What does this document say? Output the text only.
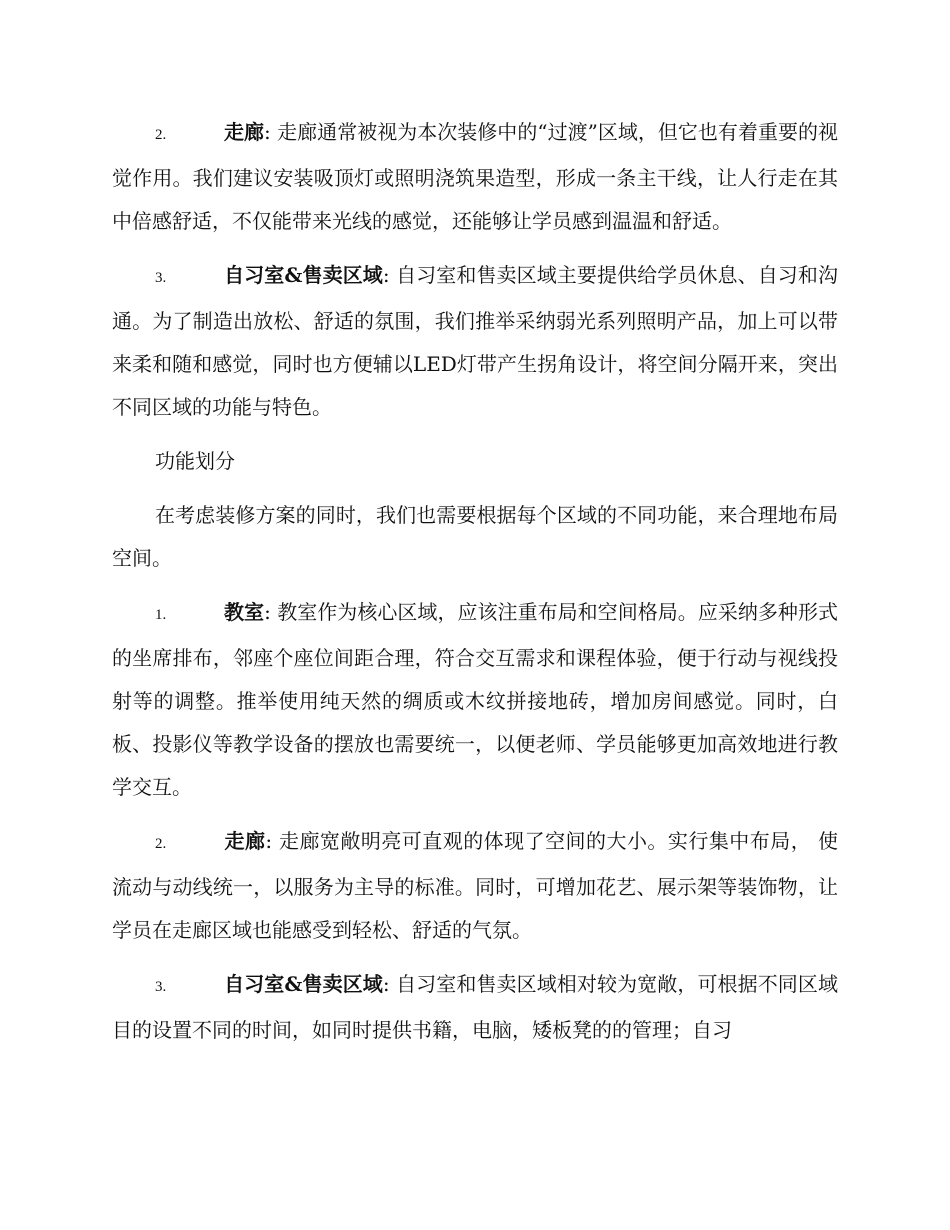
2.	走廊: 走廊通常被视为本次装修中的“过渡”区域，但它也有着重要的视觉作用。我们建议安装吸顶灯或照明浇筑果造型，形成一条主干线，让人行走在其中倍感舒适，不仅能带来光线的感觉，还能够让学员感到温温和舒适。

3.	自习室&售卖区域: 自习室和售卖区域主要提供给学员休息、自习和沟通。为了制造出放松、舒适的氛围，我们推举采纳弱光系列照明产品，加上可以带来柔和随和感觉，同时也方便辅以LED灯带产生拐角设计，将空间分隔开来，突出不同区域的功能与特色。

功能划分

在考虑装修方案的同时，我们也需要根据每个区域的不同功能，来合理地布局空间。

1.	教室: 教室作为核心区域，应该注重布局和空间格局。应采纳多种形式的坐席排布，邻座个座位间距合理，符合交互需求和课程体验，便于行动与视线投射等的调整。推举使用纯天然的绸质或木纹拼接地砖，增加房间感觉。同时，白板、投影仪等教学设备的摆放也需要统一，以便老师、学员能够更加高效地进行教学交互。

2.	走廊: 走廊宽敞明亮可直观的体现了空间的大小。实行集中布局， 使流动与动线统一，以服务为主导的标准。同时，可增加花艺、展示架等装饰物，让学员在走廊区域也能感受到轻松、舒适的气氛。

3.	自习室&售卖区域: 自习室和售卖区域相对较为宽敞，可根据不同区域目的设置不同的时间，如同时提供书籍，电脑，矮板凳的的管理；自习
